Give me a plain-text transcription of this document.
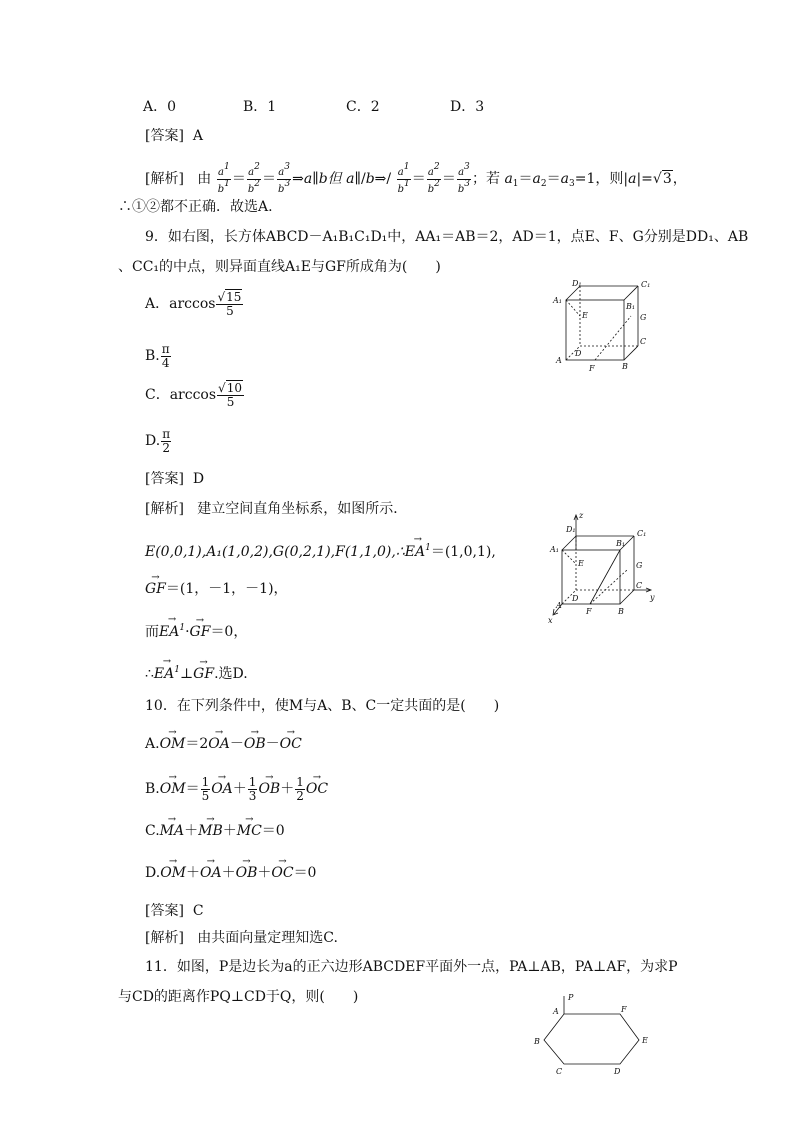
A．0	B．1	C．2	D．3
[答案] A
[解析] 由 $\frac{a^1}{b^1} = \frac{a^2}{b^2} = \frac{a^3}{b^3}$ ⇒a∥b但 a∥/b⇒/ $\frac{a^1}{b^1} = \frac{a^2}{b^2} = \frac{a^3}{b^3}$ ；若 $a_1=a_2=a_3=1$，则|a|=√3，
∴①②都不正确．故选A.
9．如右图，长方体ABCD－A₁B₁C₁D₁中，AA₁＝AB＝2，AD＝1，点E、F、G分别是DD₁、AB
、CC₁的中点，则异面直线A₁E与GF所成角为(　　)
A．$\arccos \frac{√15}{5}$
B. $\frac{\pi}{4}$
C．$\arccos \frac{√10}{5}$
D. $\frac{\pi}{2}$
[答案] D
[解析] 建立空间直角坐标系，如图所示．
E(0,0,1),A₁(1,0,2),G(0,2,1),F(1,1,0),∴→ $EA^1=(1,0,1)$,
→ GF＝(1，－1，－1)，
而→ $EA^1\cdot\to GF=0$，
∴→ $EA^1\perp\to$ GF.选D.
D₁	C₁
A₁
B₁
E	G
C
D
A
F	B
D₁
z
C₁
A₁
B₁
E	G
C
D
A
F	B
x
y
10．在下列条件中，使M与A、B、C一定共面的是(　　)
A.→ OM＝2→ OA－→ OB－→ OC
$B.\to OM= \frac{1}{5}$
→ $OA+ \frac{1}{3}$
→ $OB+ \frac{1}{2}$
→ OC
C.→ MA＋→ MB＋→ MC＝0
D.→ OM＋→ OA＋→ OB＋→ OC＝0
[答案] C
[解析] 由共面向量定理知选C.
11．如图，P是边长为a的正六边形ABCDEF平面外一点，PA⊥AB，PA⊥AF，为求P
与CD的距离作PQ⊥CD于Q，则(　　)	P
A	F
B	E
C	D
